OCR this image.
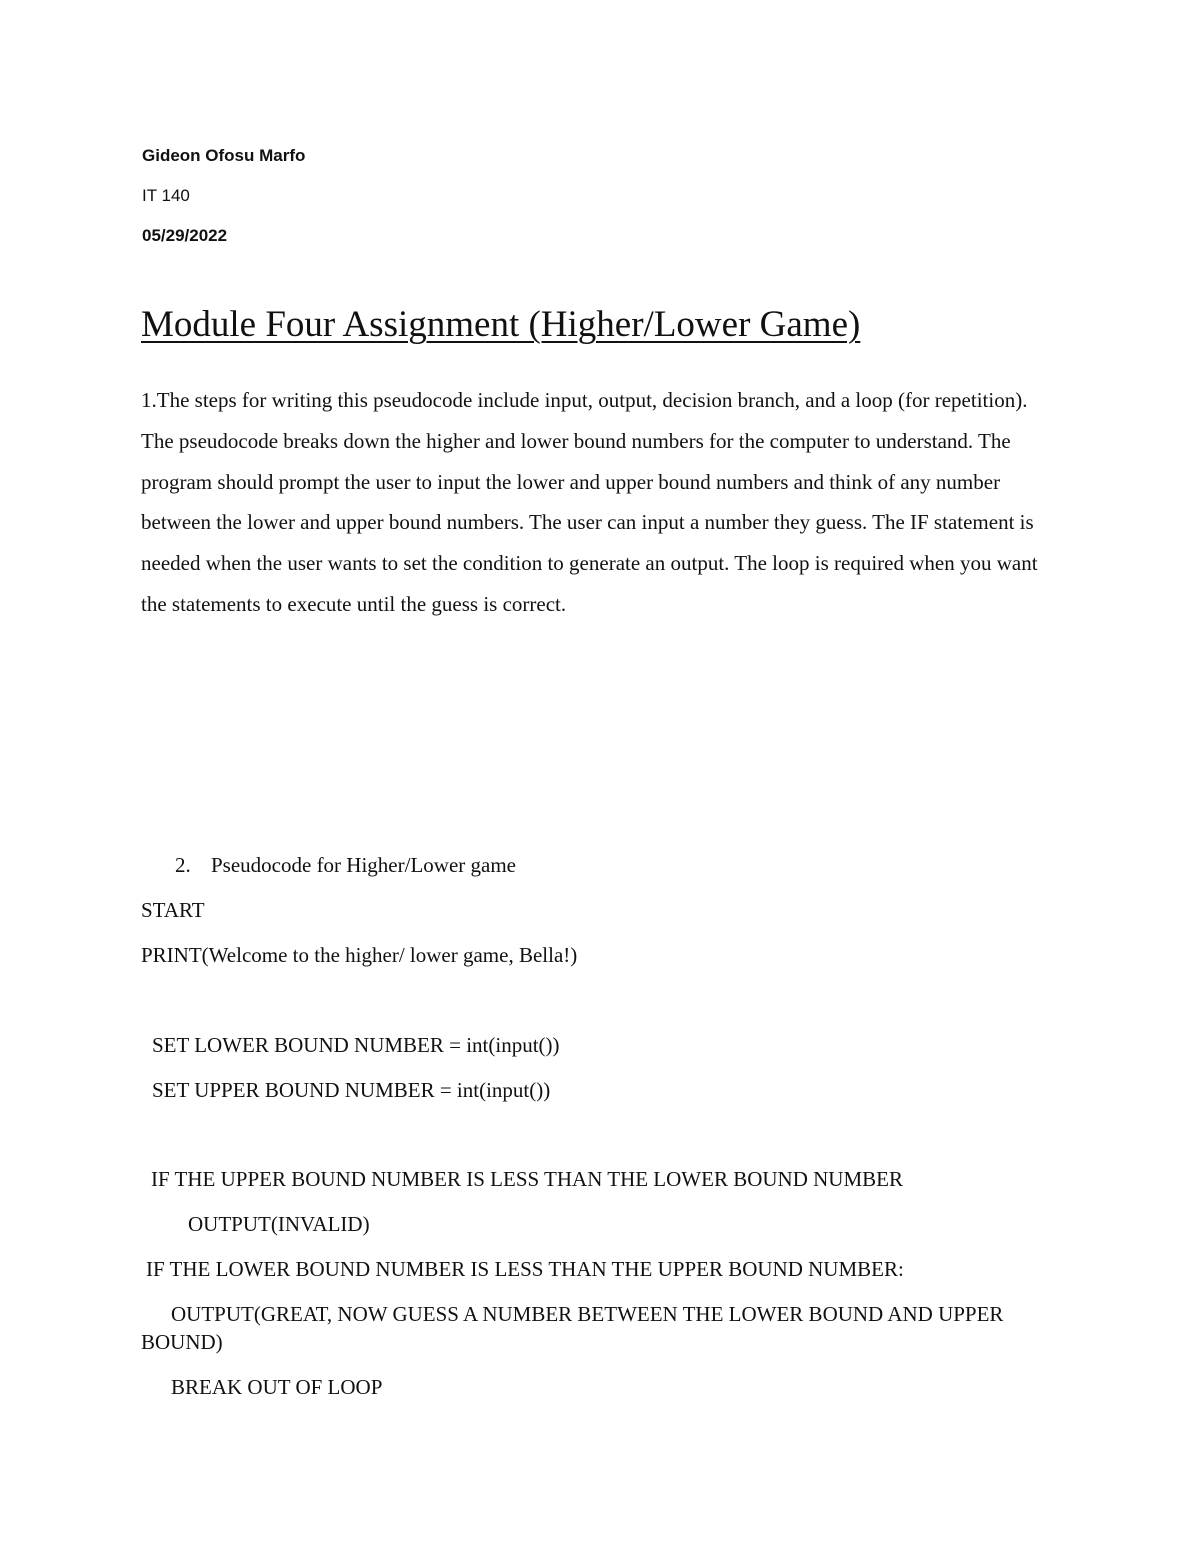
Gideon Ofosu Marfo
IT 140
05/29/2022
Module Four Assignment (Higher/Lower Game)

1.The steps for writing this pseudocode include input, output, decision branch, and a loop (for repetition). The pseudocode breaks down the higher and lower bound numbers for the computer to understand. The program should prompt the user to input the lower and upper bound numbers and think of any number between the lower and upper bound numbers. The user can input a number they guess. The IF statement is needed when the user wants to set the condition to generate an output. The loop is required when you want the statements to execute until the guess is correct.

2. Pseudocode for Higher/Lower game
START
PRINT(Welcome to the higher/ lower game, Bella!)
SET LOWER BOUND NUMBER = int(input())
SET UPPER BOUND NUMBER = int(input())
IF THE UPPER BOUND NUMBER IS LESS THAN THE LOWER BOUND NUMBER
OUTPUT(INVALID)
IF THE LOWER BOUND NUMBER IS LESS THAN THE UPPER BOUND NUMBER:

OUTPUT(GREAT, NOW GUESS A NUMBER BETWEEN THE LOWER BOUND AND UPPER BOUND)

BREAK OUT OF LOOP
